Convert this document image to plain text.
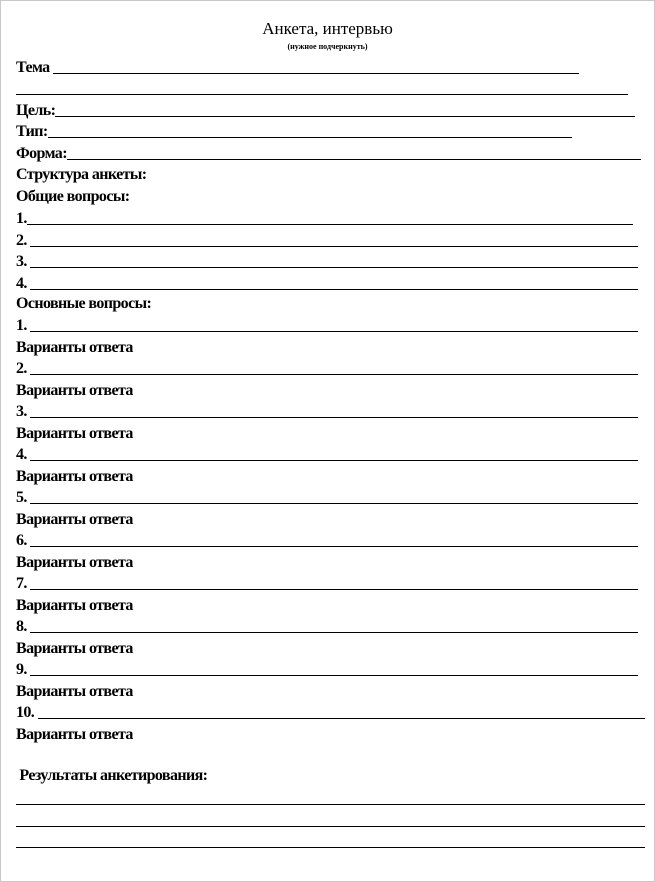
Анкета, интервью
(нужное подчеркнуть)
Тема
Цель:
Тип:
Форма:
Структура анкеты:
Общие вопросы:
Основные вопросы:
Результаты анкетирования:
1.
2.
3.
4.
1.
Варианты ответа
2.
Варианты ответа
3.
Варианты ответа
4.
Варианты ответа
5.
Варианты ответа
6.
Варианты ответа
7.
Варианты ответа
8.
Варианты ответа
9.
Варианты ответа
10.
Варианты ответа
